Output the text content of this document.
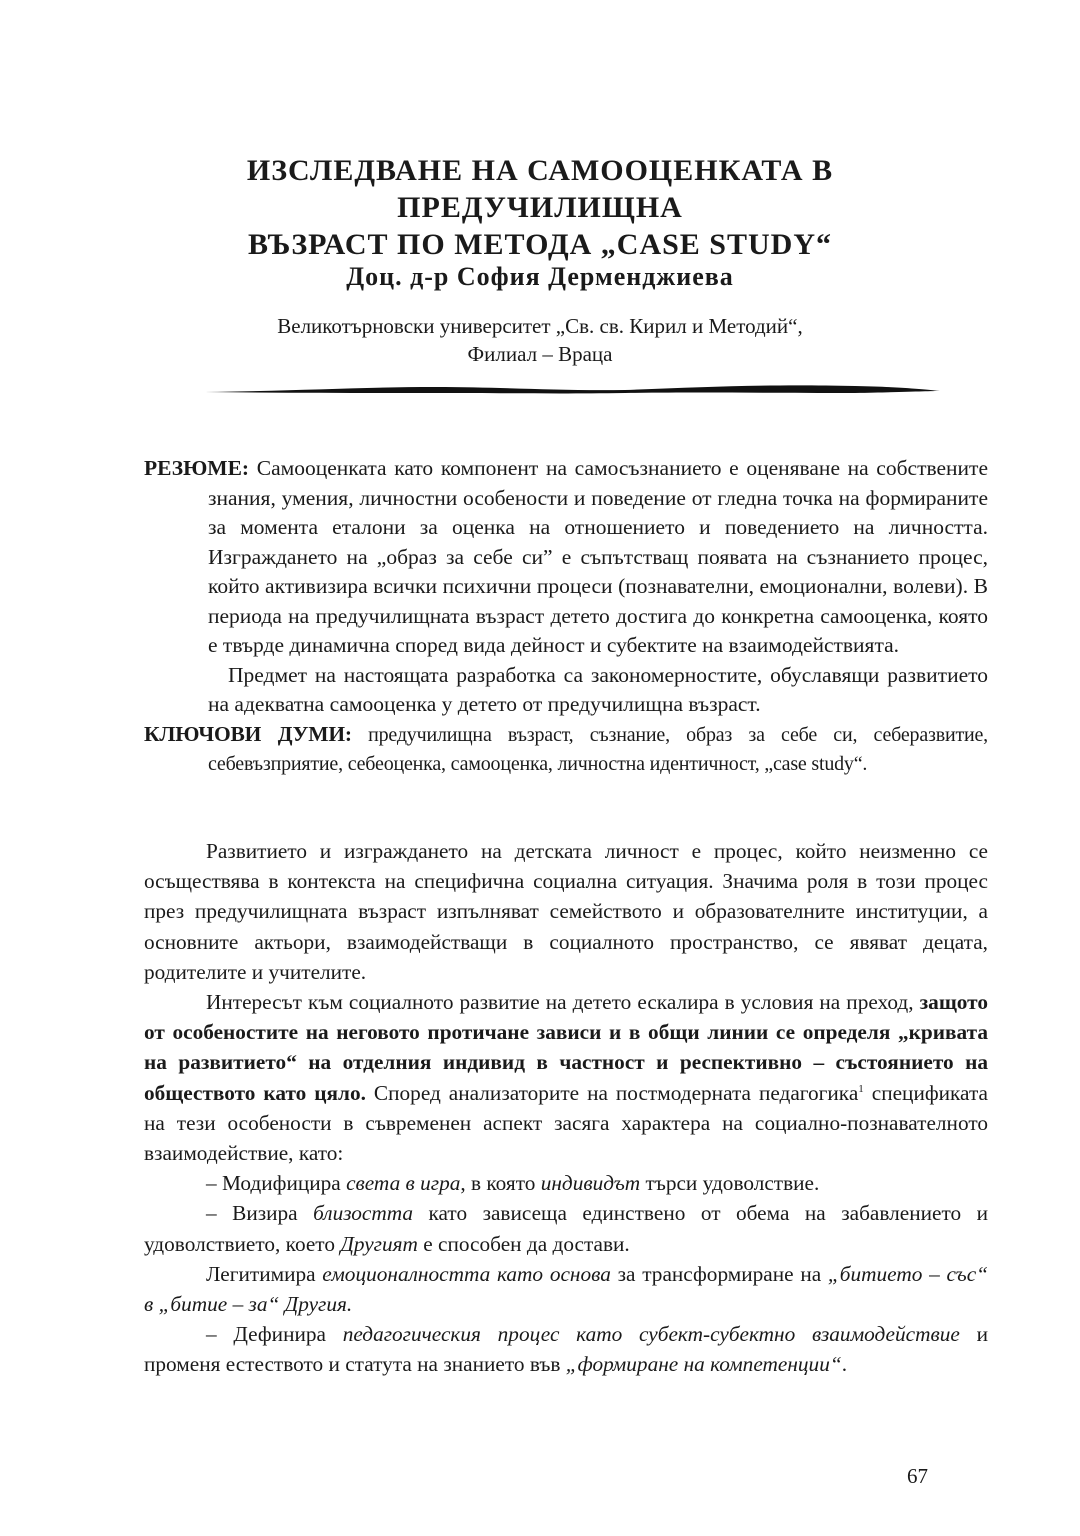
ИЗСЛЕДВАНЕ НА САМООЦЕНКАТА В ПРЕДУЧИЛИЩНА
ВЪЗРАСТ ПО МЕТОДА „CASE STUDY“

Доц. д-р София Дерменджиева

Великотърновски университет „Св. св. Кирил и Методий“,
Филиал – Враца

РЕЗЮМЕ: Самооценката като компонент на самосъзнанието е оценяване на собствените знания, умения, личностни особености и поведение от гледна точка на формираните за момента еталони за оценка на отношението и поведението на личността. Изграждането на „образ за себе си” е съпътстващ появата на съзнанието процес, който активизира всички психични процеси (познавателни, емоционални, волеви). В периода на предучилищната възраст детето достига до конкретна самооценка, която е твърде динамична според вида дейност и субектите на взаимодействията.

Предмет на настоящата разработка са закономерностите, обуславящи развитието на адекватна самооценка у детето от предучилищна възраст.

КЛЮЧОВИ ДУМИ: предучилищна възраст, съзнание, образ за себе си, себеразвитие, себевъзприятие, себеоценка, самооценка, личностна идентичност, „case study“.

Развитието и изграждането на детската личност е процес, който неизменно се осъществява в контекста на специфична социална ситуация. Значима роля в този процес през предучилищната възраст изпълняват семейството и образователните институции, а основните актьори, взаимодействащи в социалното пространство, се явяват децата, родителите и учителите.

Интересът към социалното развитие на детето ескалира в условия на преход, защото от особеностите на неговото протичане зависи и в общи линии се определя „кривата на развитието“ на отделния индивид в частност и респективно – състоянието на обществото като цяло. Според анализаторите на постмодерната педагогика$^1$ спецификата на тези особености в съвременен аспект засяга характера на социално-познавателното взаимодействие, като:

– Модифицира света в игра, в която индивидът търси удоволствие.

– Визира близостта като зависеща единствено от обема на забавлението и удоволствието, което Другият е способен да достави.

Легитимира емоционалността като основа за трансформиране на „битието – със“ в „битие – за“ Другия.

– Дефинира педагогическия процес като субект-субектно взаимодействие и променя естеството и статута на знанието във „формиране на компетенции“.

67
